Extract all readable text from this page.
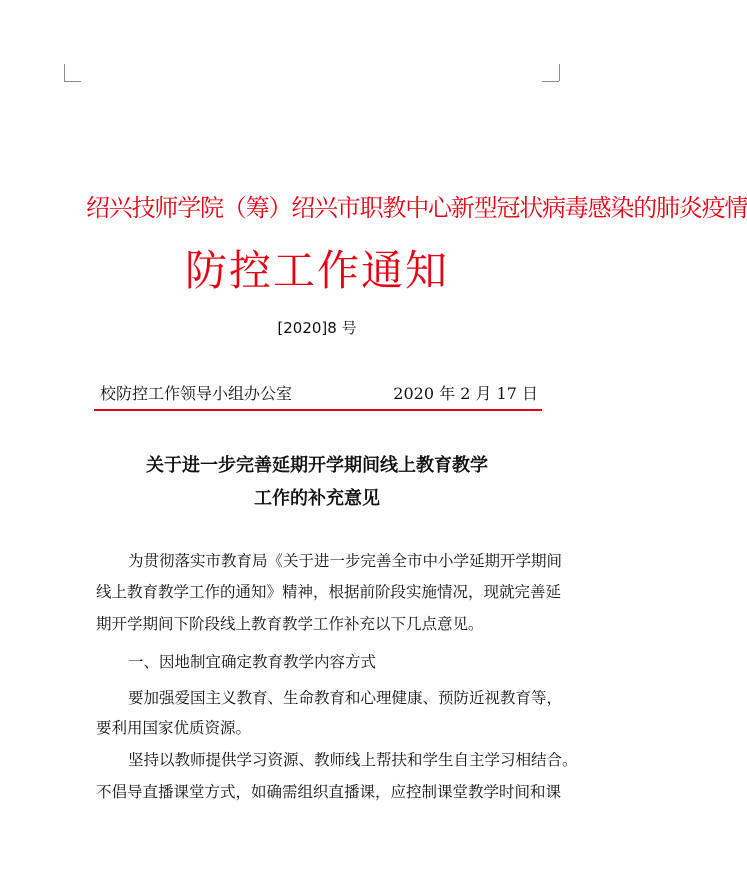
绍兴技师学院（筹）绍兴市职教中心新型冠状病毒感染的肺炎疫情
防控工作通知
[2020]8 号
校防控工作领导小组办公室	2020 年 2 月 17 日
关于进一步完善延期开学期间线上教育教学
工作的补充意见
为贯彻落实市教育局《关于进一步完善全市中小学延期开学期间
线上教育教学工作的通知》精神，根据前阶段实施情况，现就完善延
期开学期间下阶段线上教育教学工作补充以下几点意见。
一、因地制宜确定教育教学内容方式
要加强爱国主义教育、生命教育和心理健康、预防近视教育等，
要利用国家优质资源。
坚持以教师提供学习资源、教师线上帮扶和学生自主学习相结合。
不倡导直播课堂方式，如确需组织直播课，应控制课堂教学时间和课
